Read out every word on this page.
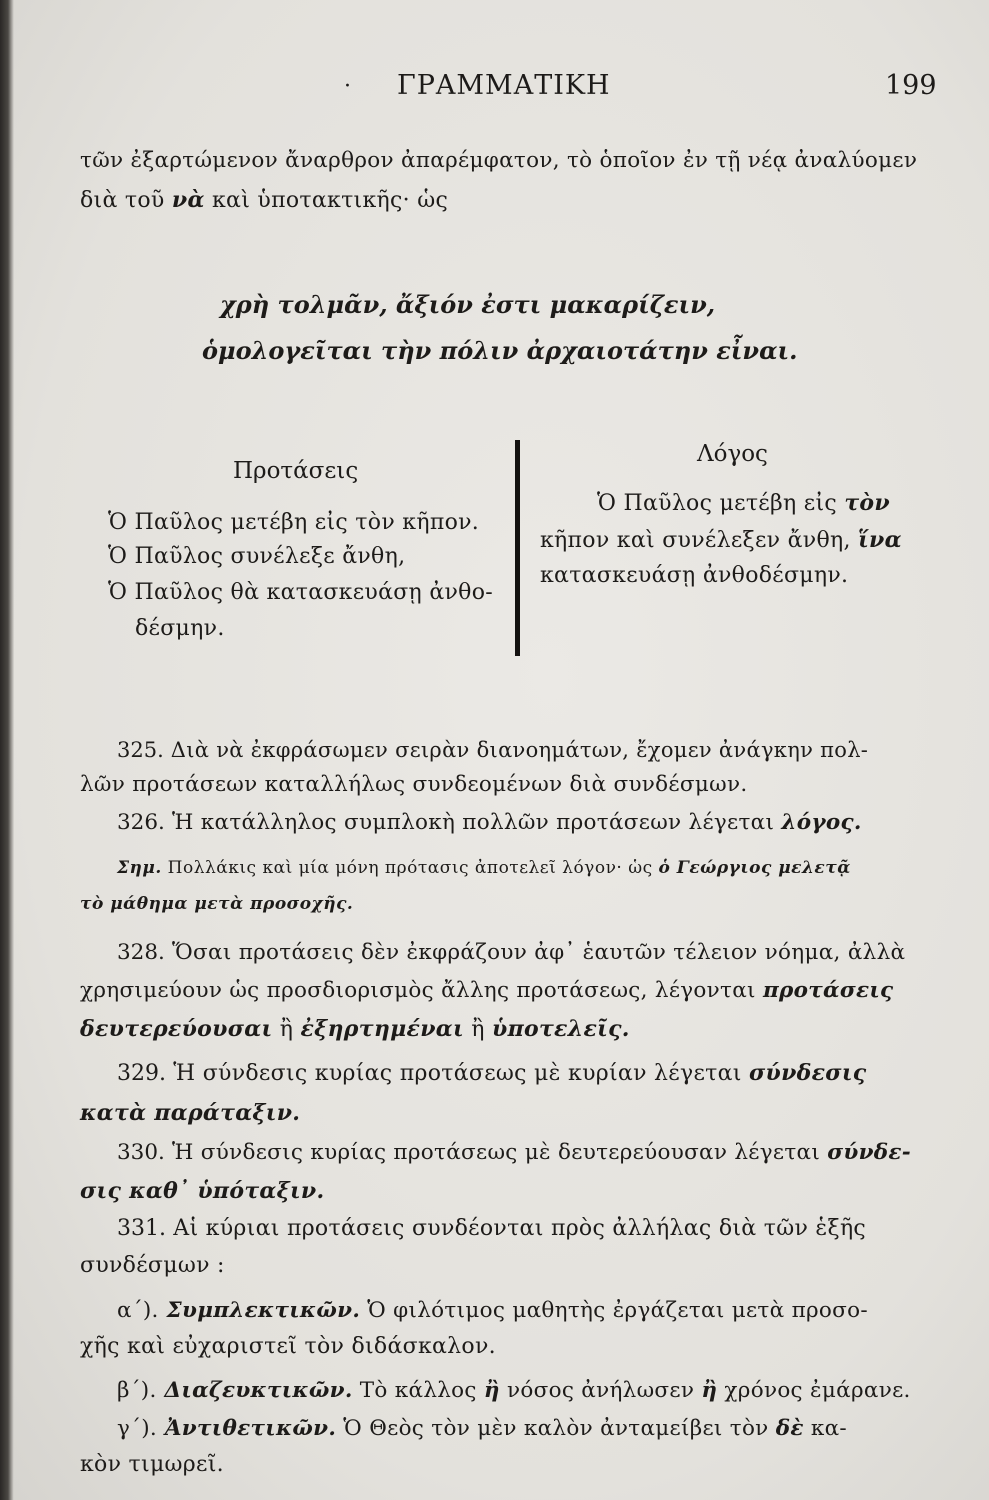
· ΓΡΑΜΜΑΤΙΚΗ	199
τῶν ἐξαρτώμενον ἄναρθρον ἀπαρέμφατον, τὸ ὁποῖον ἐν τῇ νέᾳ ἀναλύομεν
διὰ τοῦ νὰ καὶ ὑποτακτικῆς· ὡς
χρὴ τολμᾶν, ἄξιόν ἐστι μακαρίζειν,
ὁμολογεῖται τὴν πόλιν ἀρχαιοτάτην εἶναι.
Προτάσεις
Ὁ Παῦλος μετέβη εἰς τὸν κῆπον.
Ὁ Παῦλος συνέλεξε ἄνθη,
Ὁ Παῦλος θὰ κατασκευάσῃ ἀνθο-
δέσμην.
Λόγος
Ὁ Παῦλος μετέβη εἰς τὸν
κῆπον καὶ συνέλεξεν ἄνθη, ἵνα
κατασκευάσῃ ἀνθοδέσμην.
325. Διὰ νὰ ἐκφράσωμεν σειρὰν διανοημάτων, ἔχομεν ἀνάγκην πολ-
λῶν προτάσεων καταλλήλως συνδεομένων διὰ συνδέσμων.
326. Ἡ κατάλληλος συμπλοκὴ πολλῶν προτάσεων λέγεται λόγος.
Σημ. Πολλάκις καὶ μία μόνη πρότασις ἀποτελεῖ λόγον· ὡς ὁ Γεώργιος μελετᾷ
τὸ μάθημα μετὰ προσοχῆς.
328. Ὅσαι προτάσεις δὲν ἐκφράζουν ἀφ᾽ ἑαυτῶν τέλειον νόημα, ἀλλὰ
χρησιμεύουν ὡς προσδιορισμὸς ἄλλης προτάσεως, λέγονται προτάσεις
δευτερεύουσαι ἢ ἐξηρτημέναι ἢ ὑποτελεῖς.
329. Ἡ σύνδεσις κυρίας προτάσεως μὲ κυρίαν λέγεται σύνδεσις
κατὰ παράταξιν.
330. Ἡ σύνδεσις κυρίας προτάσεως μὲ δευτερεύουσαν λέγεται σύνδε-
σις καθ᾽ ὑπόταξιν.
331. Αἱ κύριαι προτάσεις συνδέονται πρὸς ἀλλήλας διὰ τῶν ἑξῆς
συνδέσμων :
α΄). Συμπλεκτικῶν. Ὁ φιλότιμος μαθητὴς ἐργάζεται μετὰ προσο-
χῆς καὶ εὐχαριστεῖ τὸν διδάσκαλον.
β΄). Διαζευκτικῶν. Τὸ κάλλος ἢ νόσος ἀνήλωσεν ἢ χρόνος ἐμάρανε.
γ΄). Ἀντιθετικῶν. Ὁ Θεὸς τὸν μὲν καλὸν ἀνταμείβει τὸν δὲ κα-
κὸν τιμωρεῖ.
